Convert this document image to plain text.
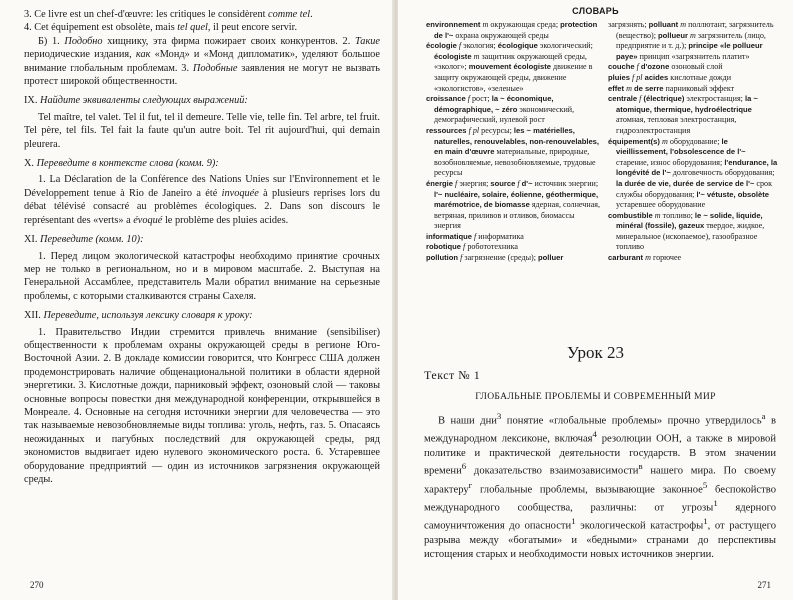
3. Ce livre est un chef-d'œuvre: les critiques le considèrent comme tel.

4. Cet équipement est obsolète, mais tel quel, il peut encore servir.

Б) 1. Подобно хищнику, эта фирма пожирает своих конкурентов. 2. Такие периодические издания, как «Монд» и «Монд дипломатик», уделяют большое внимание глобальным проблемам. 3. Подобные заявления не могут не вызвать протест широкой общественности.

IX. Найдите эквиваленты следующих выражений:

Tel maître, tel valet. Tel il fut, tel il demeure. Telle vie, telle fin. Tel arbre, tel fruit. Tel père, tel fils. Tel fait la faute qu'un autre boit. Tel rit aujourd'hui, qui demain pleurera.

X. Переведите в контексте слова (комм. 9):

1. La Déclaration de la Conférence des Nations Unies sur l'Environnement et le Développement tenue à Rio de Janeiro a été invoquée à plusieurs reprises lors du débat télévisé consacré au problèmes écologiques. 2. Dans son discours le représentant des «verts» a évoqué le problème des pluies acides.

XI. Переведите (комм. 10):

1. Перед лицом экологической катастрофы необходимо принятие срочных мер не только в региональном, но и в мировом масштабе. 2. Выступая на Генеральной Ассамблее, представитель Мали обратил внимание на серьезные проблемы, с которыми сталкиваются страны Сахеля.

XII. Переведите, используя лексику словаря к уроку:

1. Правительство Индии стремится привлечь внимание (sensibiliser) общественности к проблемам охраны окружающей среды в регионе Юго-Восточной Азии. 2. В докладе комиссии говорится, что Конгресс США должен продемонстрировать наличие общенациональной политики в области ядерной энергетики. 3. Кислотные дожди, парниковый эффект, озоновый слой — таковы основные вопросы повестки дня международной конференции, открывшейся в Монреале. 4. Основные на сегодня источники энергии для человечества — это так называемые невозобновляемые виды топлива: уголь, нефть, газ. 5. Опасаясь неожиданных и пагубных последствий для окружающей среды, ряд экономистов выдвигает идею нулевого экономического роста. 6. Устаревшее оборудование предприятий — один из источников загрязнения окружающей среды.

270
СЛОВАРЬ
environnement m окружающая среда; protection de l'~ охрана окружающей среды
écologie f экология; écologique экологический; écologiste m защитник окружающей среды, «эколог»; mouvement écologiste движение в защиту окружающей среды, движение «экологистов», «зеленые»
croissance f рост; la ~ économique, démographique, ~ zéro экономический, демографический, нулевой рост
ressources f pl ресурсы; les ~ matérielles, naturelles, renouvelables, non-renouvelables, en main d'œuvre материальные, природные, возобновляемые, невозобновляемые, трудовые ресурсы
énergie f энергия; source f d'~ источник энергии; l'~ nucléaire, solaire, éolienne, géothermique, marémotrice, de biomasse ядерная, солнечная, ветряная, приливов и отливов, биомассы энергия
informatique f информатика
robotique f робототехника
pollution f загрязнение (среды); polluer
загрязнять; polluant m поллютант, загрязнитель (вещество); pollueur m загрязнитель (лицо, предприятие и т. д.); principe «le pollueur paye» принцип «загрязнитель платит»
couche f d'ozone озоновый слой
pluies f pl acides кислотные дожди
effet m de serre парниковый эффект
centrale f (électrique) электростанция; la ~ atomique, thermique, hydroélectrique атомная, тепловая электростанция, гидроэлектростанция
équipement(s) m оборудование; le vieillissement, l'obsolescence de l'~ старение, износ оборудования; l'endurance, la longévité de l'~ долговечность оборудования; la durée de vie, durée de service de l'~ срок службы оборудования; l'~ vétuste, obsolète устаревшее оборудование
combustible m топливо; le ~ solide, liquide, minéral (fossile), gazeux твердое, жидкое, минеральное (ископаемое), газообразное топливо
carburant m горючее
Урок 23
Текст № 1
ГЛОБАЛЬНЫЕ ПРОБЛЕМЫ И СОВРЕМЕННЫЙ МИР

В наши дни$^3$ понятие «глобальные проблемы» прочно утвердилось$^a$ в международном лексиконе, включая$^4$ резолюции ООН, а также в мировой политике и практической деятельности государств. В этом значении времени$^6$ доказательство взаимозависимости$^в$ нашего мира. По своему характеру$^г$ глобальные проблемы, вызывающие законное$^5$ беспокойство международного сообщества, различны: от угрозы$^1$ ядерного самоуничтожения до опасности$^1$ экологической катастрофы$^1$, от растущего разрыва между «богатыми» и «бедными» странами до перспективы истощения старых и необходимости новых источников энергии.

271
